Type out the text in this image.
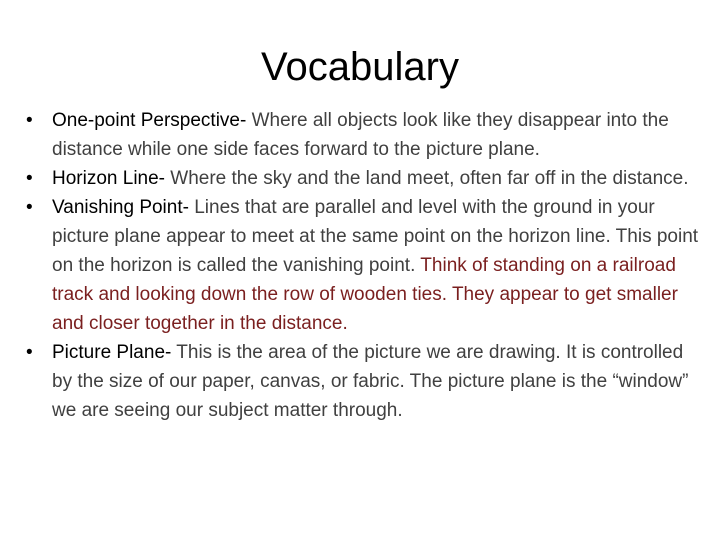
Vocabulary
•	One-point Perspective- Where all objects look like they disappear into the distance while one side faces forward to the picture plane.
•	Horizon Line- Where the sky and the land meet, often far off in the distance.
•	Vanishing Point- Lines that are parallel and level with the ground in your picture plane appear to meet at the same point on the horizon line. This point on the horizon is called the vanishing point. Think of standing on a railroad track and looking down the row of wooden ties. They appear to get smaller and closer together in the distance.
•	Picture Plane- This is the area of the picture we are drawing. It is controlled by the size of our paper, canvas, or fabric. The picture plane is the “window” we are seeing our subject matter through.
